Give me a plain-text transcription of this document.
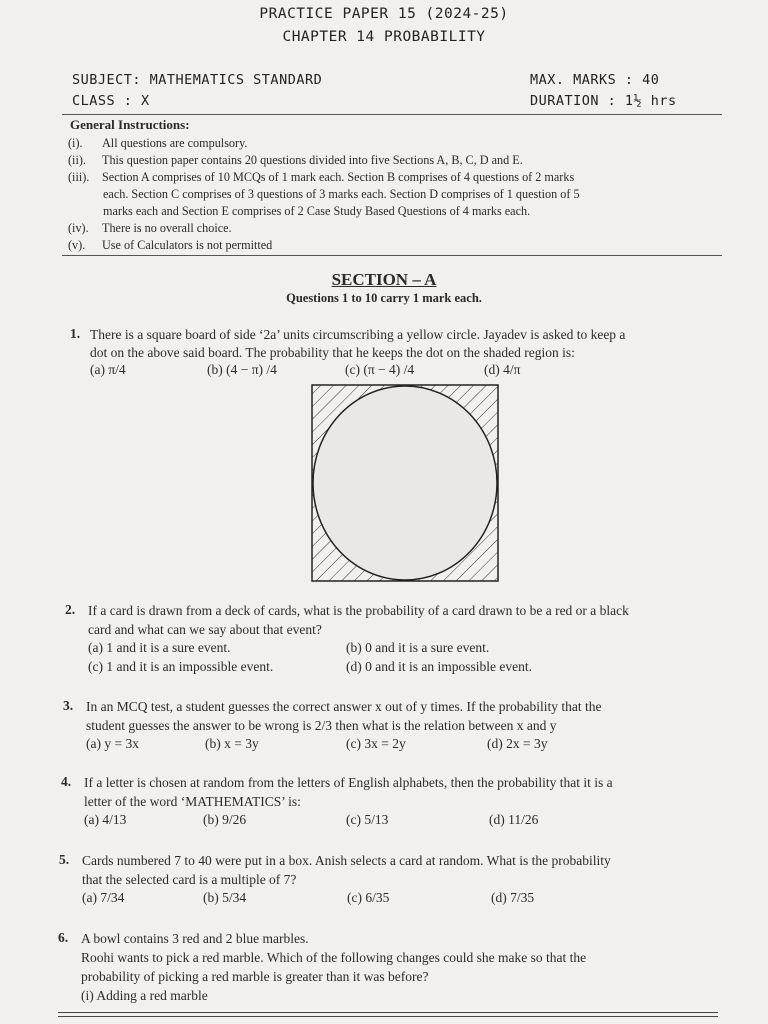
PRACTICE PAPER 15 (2024-25)
CHAPTER 14 PROBABILITY
SUBJECT: MATHEMATICS STANDARD
CLASS : X
MAX. MARKS : 40
DURATION : 1½ hrs
General Instructions:
(i). All questions are compulsory.
(ii). This question paper contains 20 questions divided into five Sections A, B, C, D and E.
(iii). Section A comprises of 10 MCQs of 1 mark each. Section B comprises of 4 questions of 2 marks
each. Section C comprises of 3 questions of 3 marks each. Section D comprises of 1 question of 5
marks each and Section E comprises of 2 Case Study Based Questions of 4 marks each.
(iv). There is no overall choice.
(v). Use of Calculators is not permitted
SECTION – A
Questions 1 to 10 carry 1 mark each.
1. There is a square board of side ‘2a’ units circumscribing a yellow circle. Jayadev is asked to keep a
dot on the above said board. The probability that he keeps the dot on the shaded region is:
(a) π/4	(b) (4 − π) /4	(c) (π − 4) /4	(d) 4/π
2. If a card is drawn from a deck of cards, what is the probability of a card drawn to be a red or a black
card and what can we say about that event?
(a) 1 and it is a sure event.	(b) 0 and it is a sure event.
(c) 1 and it is an impossible event.	(d) 0 and it is an impossible event.
3. In an MCQ test, a student guesses the correct answer x out of y times. If the probability that the
student guesses the answer to be wrong is 2/3 then what is the relation between x and y
(a) y = 3x	(b) x = 3y	(c) 3x = 2y	(d) 2x = 3y
4. If a letter is chosen at random from the letters of English alphabets, then the probability that it is a
letter of the word ‘MATHEMATICS’ is:
(a) 4/13	(b) 9/26	(c) 5/13	(d) 11/26
5. Cards numbered 7 to 40 were put in a box. Anish selects a card at random. What is the probability
that the selected card is a multiple of 7?
(a) 7/34	(b) 5/34	(c) 6/35	(d) 7/35
6. A bowl contains 3 red and 2 blue marbles.
Roohi wants to pick a red marble. Which of the following changes could she make so that the
probability of picking a red marble is greater than it was before?
(i) Adding a red marble
